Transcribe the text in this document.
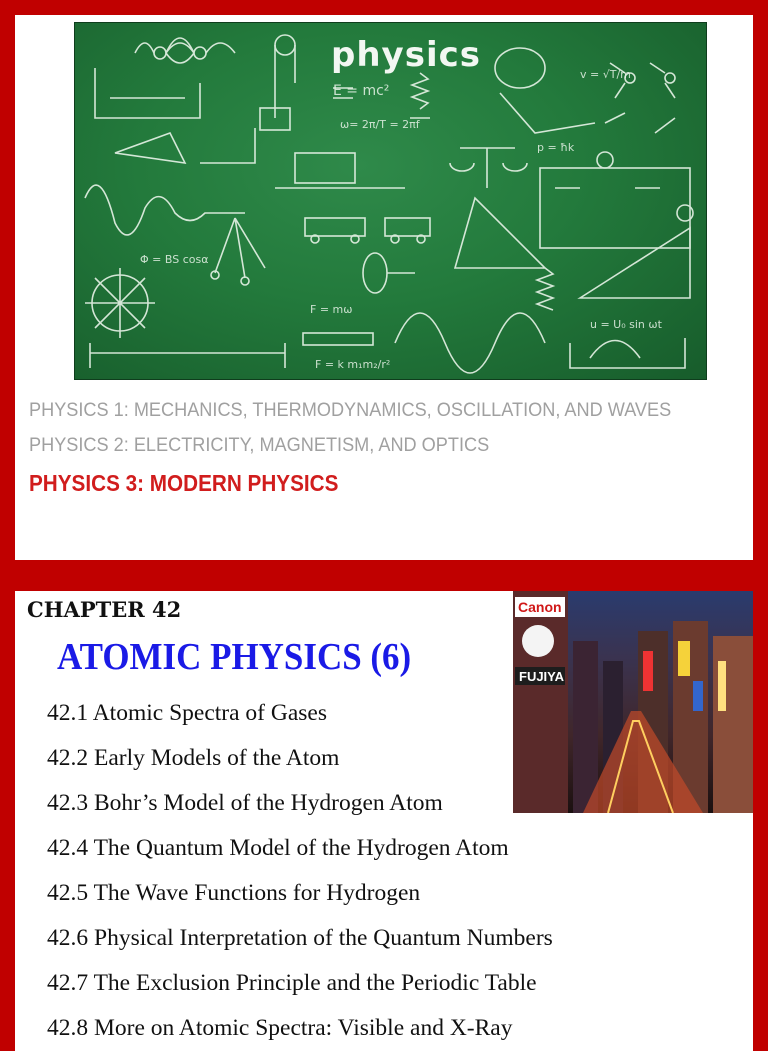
E = mc²
ω= 2π/T = 2πf
p = ħk
Φ = BS cosα
F = mω
F = k m₁m₂/r²
u = U₀ sin ωt
v = √T/m
physics
PHYSICS 1: MECHANICS, THERMODYNAMICS, OSCILLATION, AND WAVES
PHYSICS 2: ELECTRICITY, MAGNETISM, AND OPTICS
PHYSICS 3: MODERN PHYSICS
CHAPTER 42
ATOMIC PHYSICS (6)
Canon
FUJIYA
42.1 Atomic Spectra of Gases
42.2 Early Models of the Atom
42.3 Bohr’s Model of the Hydrogen Atom
42.4 The Quantum Model of the Hydrogen Atom
42.5 The Wave Functions for Hydrogen
42.6 Physical Interpretation of the Quantum Numbers
42.7 The Exclusion Principle and the Periodic Table
42.8 More on Atomic Spectra: Visible and X-Ray
